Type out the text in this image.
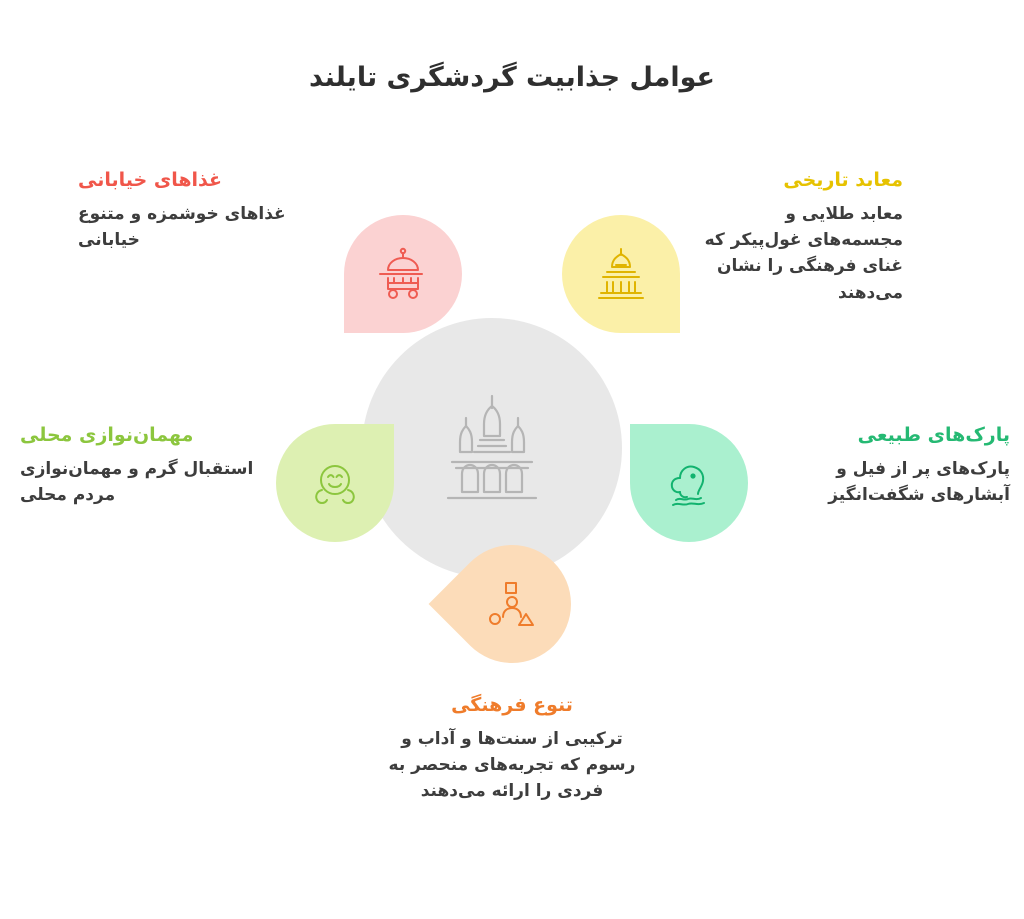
عوامل جذابیت گردشگری تایلند
معابد تاریخی
معابد طلایی و مجسمه‌های غول‌پیکر که غنای فرهنگی را نشان می‌دهند
غذاهای خیابانی
غذاهای خوشمزه و متنوع خیابانی
پارک‌های طبیعی
پارک‌های پر از فیل و آبشارهای شگفت‌انگیز
مهمان‌نوازی محلی
استقبال گرم و مهمان‌نوازی مردم محلی
تنوع فرهنگی
ترکیبی از سنت‌ها و آداب و رسوم که تجربه‌های منحصر به فردی را ارائه می‌دهند
